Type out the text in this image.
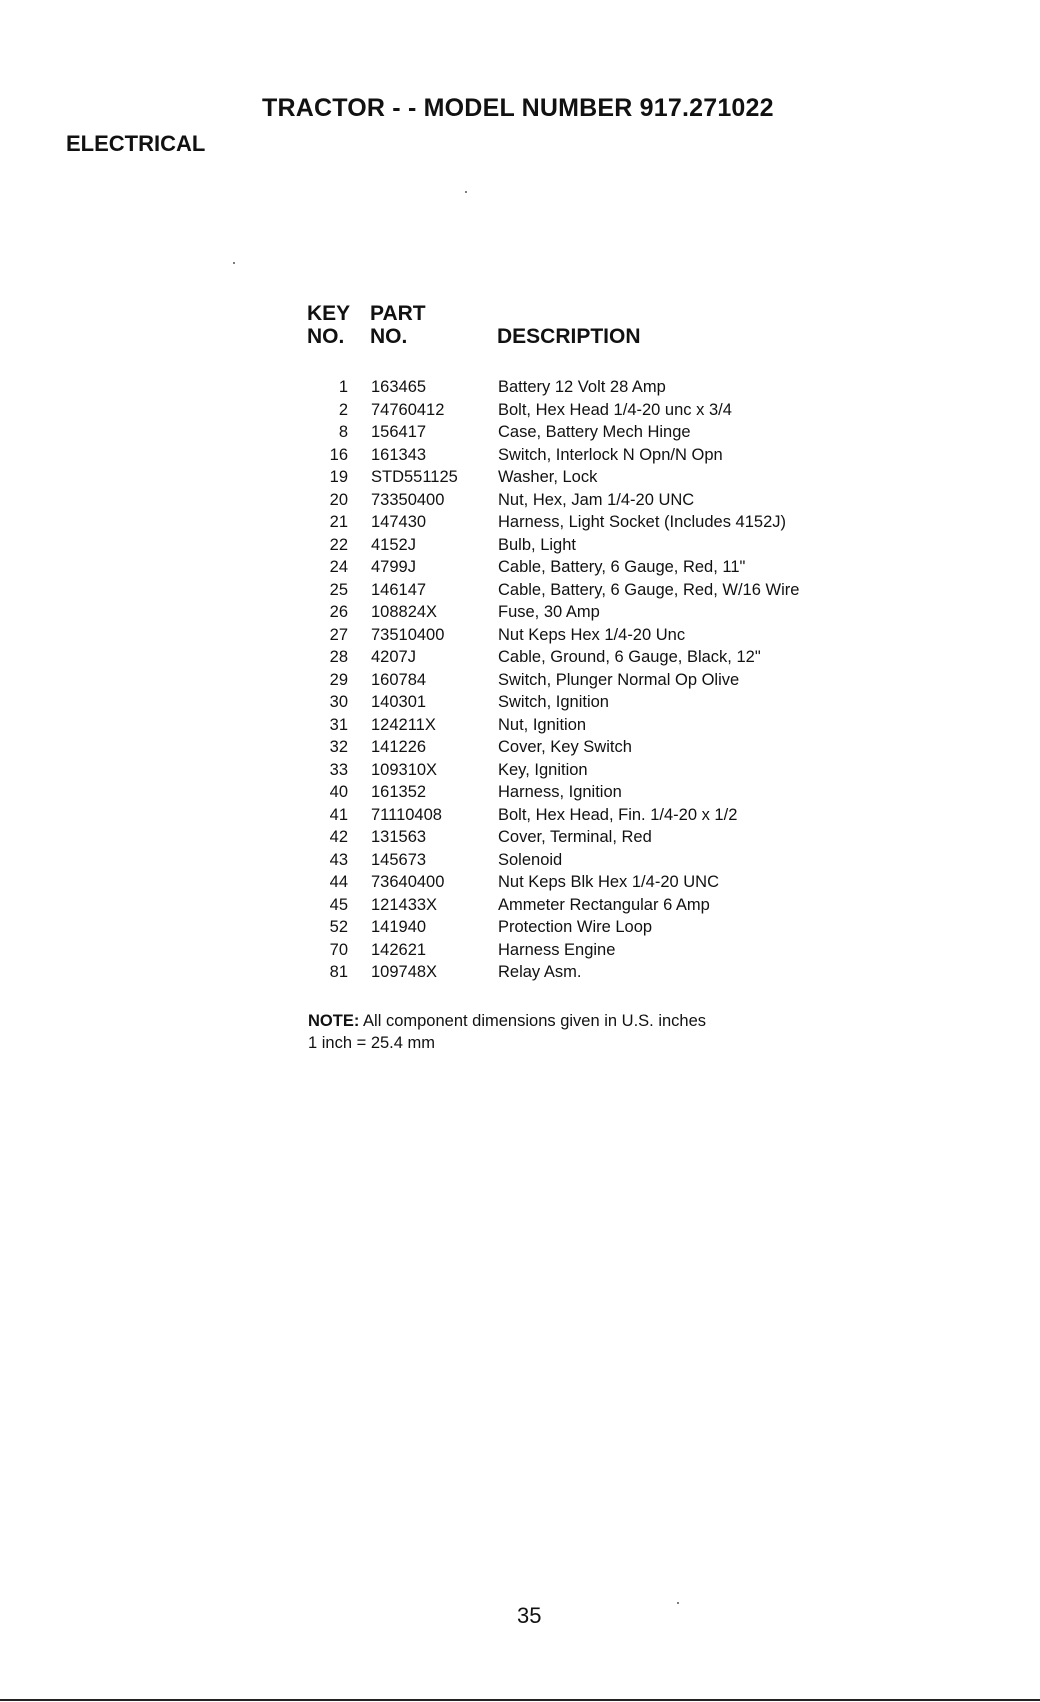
TRACTOR - - MODEL NUMBER 917.271022
ELECTRICAL
KEY
NO.
PART
NO.	DESCRIPTION
1 163465	Battery 12 Volt 28 Amp
2 74760412	Bolt, Hex Head 1/4-20 unc x 3/4
8 156417	Case, Battery Mech Hinge
16 161343	Switch, Interlock N Opn/N Opn
19 STD551125 Washer, Lock
20 73350400	Nut, Hex, Jam 1/4-20 UNC
21 147430	Harness, Light Socket (Includes 4152J)
22 4152J	Bulb, Light
24 4799J	Cable, Battery, 6 Gauge, Red, 11"
25 146147	Cable, Battery, 6 Gauge, Red, W/16 Wire
26 108824X	Fuse, 30 Amp
27 73510400	Nut Keps Hex 1/4-20 Unc
28 4207J	Cable, Ground, 6 Gauge, Black, 12"
29 160784	Switch, Plunger Normal Op Olive
30 140301	Switch, Ignition
31 124211X	Nut, Ignition
32 141226	Cover, Key Switch
33 109310X	Key, Ignition
40 161352	Harness, Ignition
41 71110408	Bolt, Hex Head, Fin. 1/4-20 x 1/2
42 131563	Cover, Terminal, Red
43 145673	Solenoid
44 73640400	Nut Keps Blk Hex 1/4-20 UNC
45 121433X	Ammeter Rectangular 6 Amp
52 141940	Protection Wire Loop
70 142621	Harness Engine
81 109748X	Relay Asm.
NOTE: All component dimensions given in U.S. inches
1 inch = 25.4 mm
35
